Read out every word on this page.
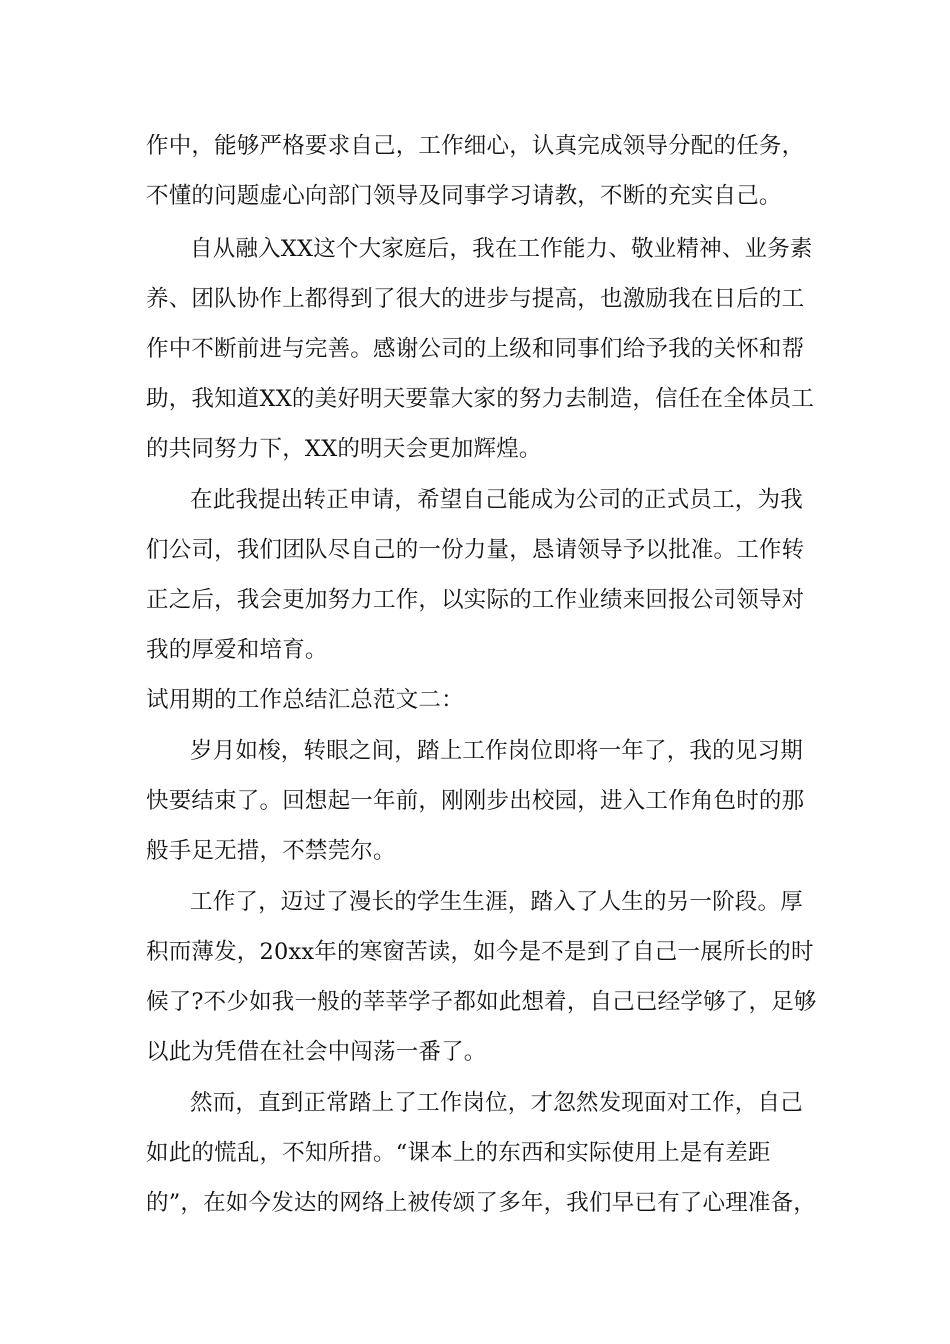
作中，能够严格要求自己，工作细心，认真完成领导分配的任务，
不懂的问题虚心向部门领导及同事学习请教，不断的充实自己。
自从融入XX这个大家庭后，我在工作能力、敬业精神、业务素
养、团队协作上都得到了很大的进步与提高，也激励我在日后的工
作中不断前进与完善。感谢公司的上级和同事们给予我的关怀和帮
助，我知道XX的美好明天要靠大家的努力去制造，信任在全体员工
的共同努力下，XX的明天会更加辉煌。
在此我提出转正申请，希望自己能成为公司的正式员工，为我
们公司，我们团队尽自己的一份力量，恳请领导予以批准。工作转
正之后，我会更加努力工作，以实际的工作业绩来回报公司领导对
我的厚爱和培育。
试用期的工作总结汇总范文二：
岁月如梭，转眼之间，踏上工作岗位即将一年了，我的见习期
快要结束了。回想起一年前，刚刚步出校园，进入工作角色时的那
般手足无措，不禁莞尔。
工作了，迈过了漫长的学生生涯，踏入了人生的另一阶段。厚
积而薄发，20xx年的寒窗苦读，如今是不是到了自己一展所长的时
候了?不少如我一般的莘莘学子都如此想着，自己已经学够了，足够
以此为凭借在社会中闯荡一番了。
然而，直到正常踏上了工作岗位，才忽然发现面对工作，自己
如此的慌乱，不知所措。“课本上的东西和实际使用上是有差距
的”，在如今发达的网络上被传颂了多年，我们早已有了心理准备，
